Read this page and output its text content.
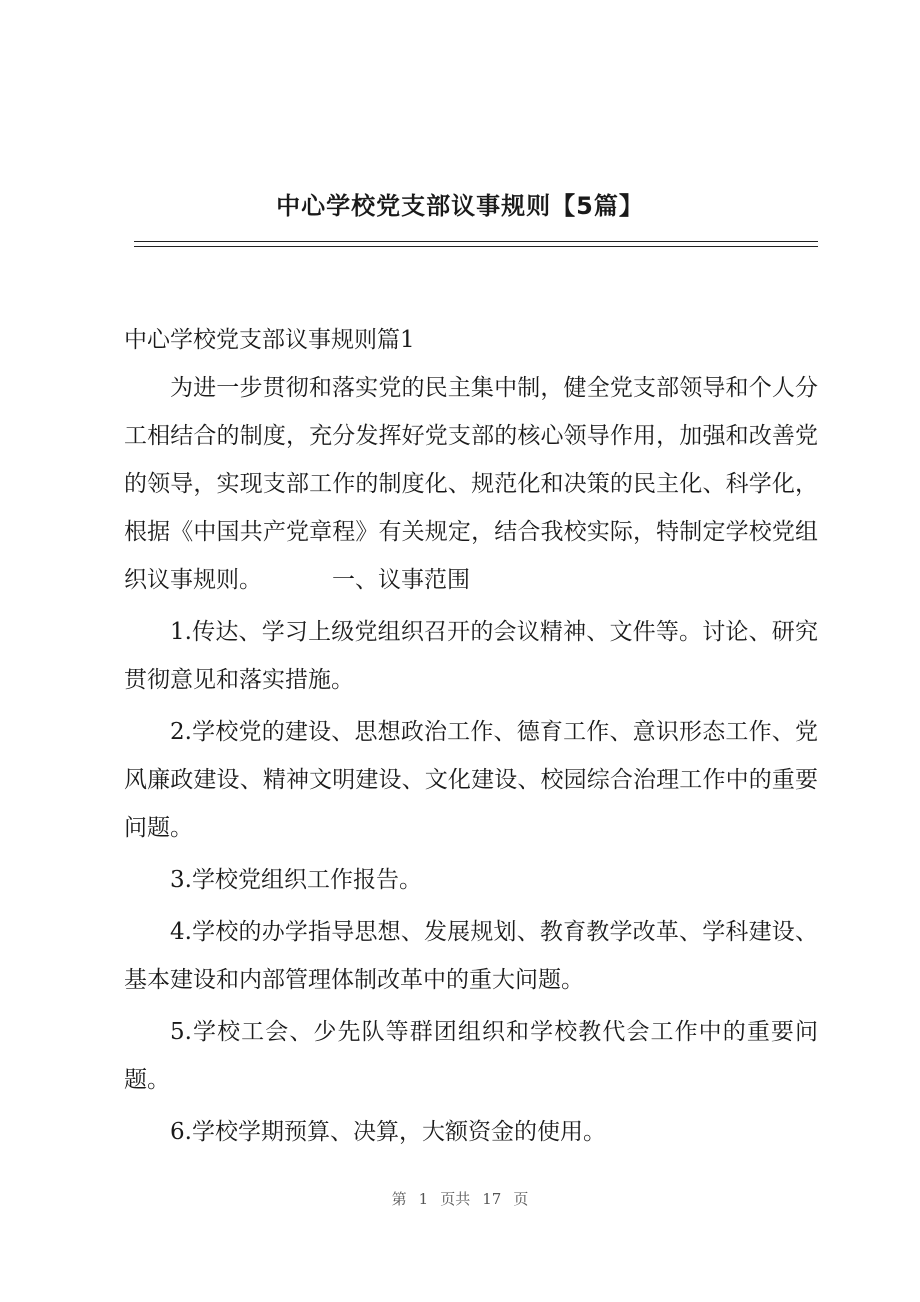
中心学校党支部议事规则【5篇】

中心学校党支部议事规则篇1

为进一步贯彻和落实党的民主集中制，健全党支部领导和个人分工相结合的制度，充分发挥好党支部的核心领导作用，加强和改善党的领导，实现支部工作的制度化、规范化和决策的民主化、科学化，根据《中国共产党章程》有关规定，结合我校实际，特制定学校党组织议事规则。	一、议事范围

1.传达、学习上级党组织召开的会议精神、文件等。讨论、研究贯彻意见和落实措施。

2.学校党的建设、思想政治工作、德育工作、意识形态工作、党风廉政建设、精神文明建设、文化建设、校园综合治理工作中的重要问题。

3.学校党组织工作报告。

4.学校的办学指导思想、发展规划、教育教学改革、学科建设、基本建设和内部管理体制改革中的重大问题。

5.学校工会、少先队等群团组织和学校教代会工作中的重要问题。

6.学校学期预算、决算，大额资金的使用。

第 1 页共 17 页
